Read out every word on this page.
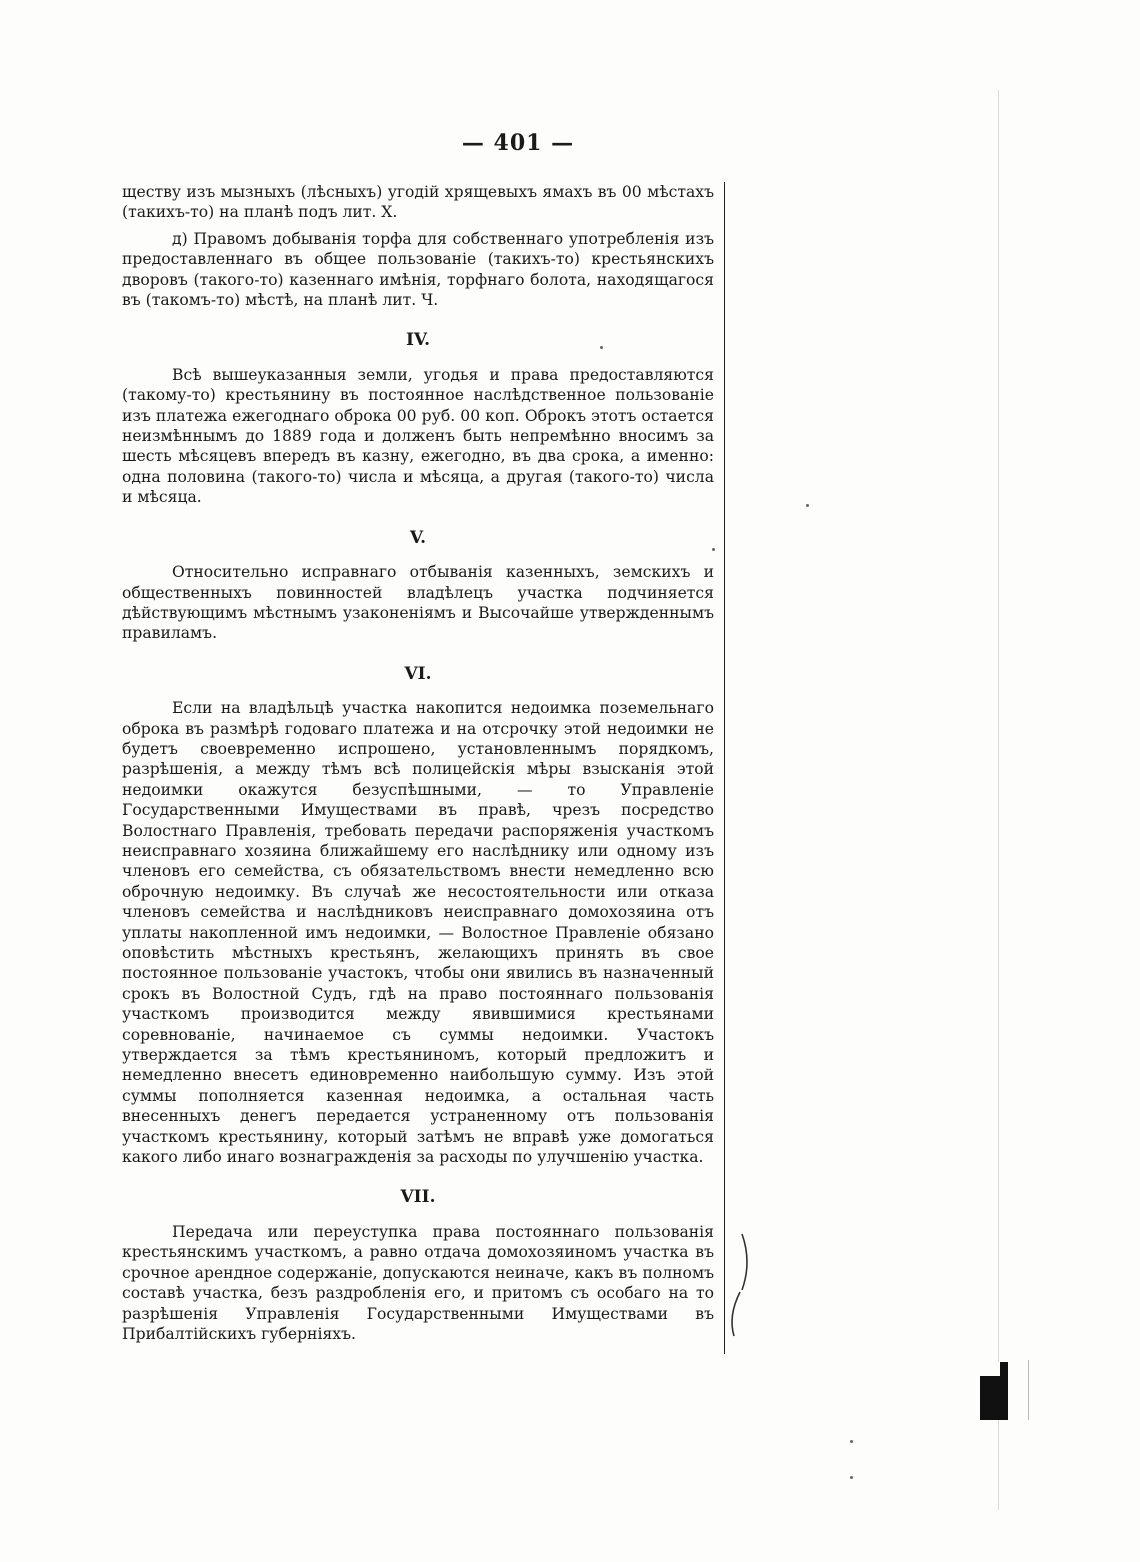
— 401 —

ществу изъ мызныхъ (лѣсныхъ) угодій хрящевыхъ ямахъ въ 00 мѣстахъ (такихъ-то) на планѣ подъ лит. X.

д) Правомъ добыванія торфа для собственнаго употребленія изъ предоставленнаго въ общее пользованіе (такихъ-то) крестьянскихъ дворовъ (такого-то) казеннаго имѣнія, торфнаго болота, находящагося въ (такомъ-то) мѣстѣ, на планѣ лит. Ч.

IV.

Всѣ вышеуказанныя земли, угодья и права предоставляются (такому-то) крестьянину въ постоянное наслѣдственное пользованіе изъ платежа ежегоднаго оброка 00 руб. 00 коп. Оброкъ этотъ остается неизмѣннымъ до 1889 года и долженъ быть непремѣнно вносимъ за шесть мѣсяцевъ впередъ въ казну, ежегодно, въ два срока, а именно: одна половина (такого-то) числа и мѣсяца, а другая (такого-то) числа и мѣсяца.

V.

Относительно исправнаго отбыванія казенныхъ, земскихъ и общественныхъ повинностей владѣлецъ участка подчиняется дѣйствующимъ мѣстнымъ узаконеніямъ и Высочайше утвержденнымъ правиламъ.

VI.

Если на владѣльцѣ участка накопится недоимка поземельнаго оброка въ размѣрѣ годоваго платежа и на отсрочку этой недоимки не будетъ своевременно испрошено, установленнымъ порядкомъ, разрѣшенія, а между тѣмъ всѣ полицейскія мѣры взысканія этой недоимки окажутся безуспѣшными, — то Управленіе Государственными Имуществами въ правѣ, чрезъ посредство Волостнаго Правленія, требовать передачи распоряженія участкомъ неисправнаго хозяина ближайшему его наслѣднику или одному изъ членовъ его семейства, съ обязательствомъ внести немедленно всю оброчную недоимку. Въ случаѣ же несостоятельности или отказа членовъ семейства и наслѣдниковъ неисправнаго домохозяина отъ уплаты накопленной имъ недоимки, — Волостное Правленіе обязано оповѣстить мѣстныхъ крестьянъ, желающихъ принять въ свое постоянное пользованіе участокъ, чтобы они явились въ назначенный срокъ въ Волостной Судъ, гдѣ на право постояннаго пользованія участкомъ производится между явившимися крестьянами соревнованіе, начинаемое съ суммы недоимки. Участокъ утверждается за тѣмъ крестьяниномъ, который предложитъ и немедленно внесетъ единовременно наибольшую сумму. Изъ этой суммы пополняется казенная недоимка, а остальная часть внесенныхъ денегъ передается устраненному отъ пользованія участкомъ крестьянину, который затѣмъ не вправѣ уже домогаться какого либо инаго вознагражденія за расходы по улучшенію участка.

VII.

Передача или переуступка права постояннаго пользованія крестьянскимъ участкомъ, а равно отдача домохозяиномъ участка въ срочное арендное содержаніе, допускаются неиначе, какъ въ полномъ составѣ участка, безъ раздробленія его, и притомъ съ особаго на то разрѣшенія Управленія Государственными Имуществами въ Прибалтійскихъ губерніяхъ.
